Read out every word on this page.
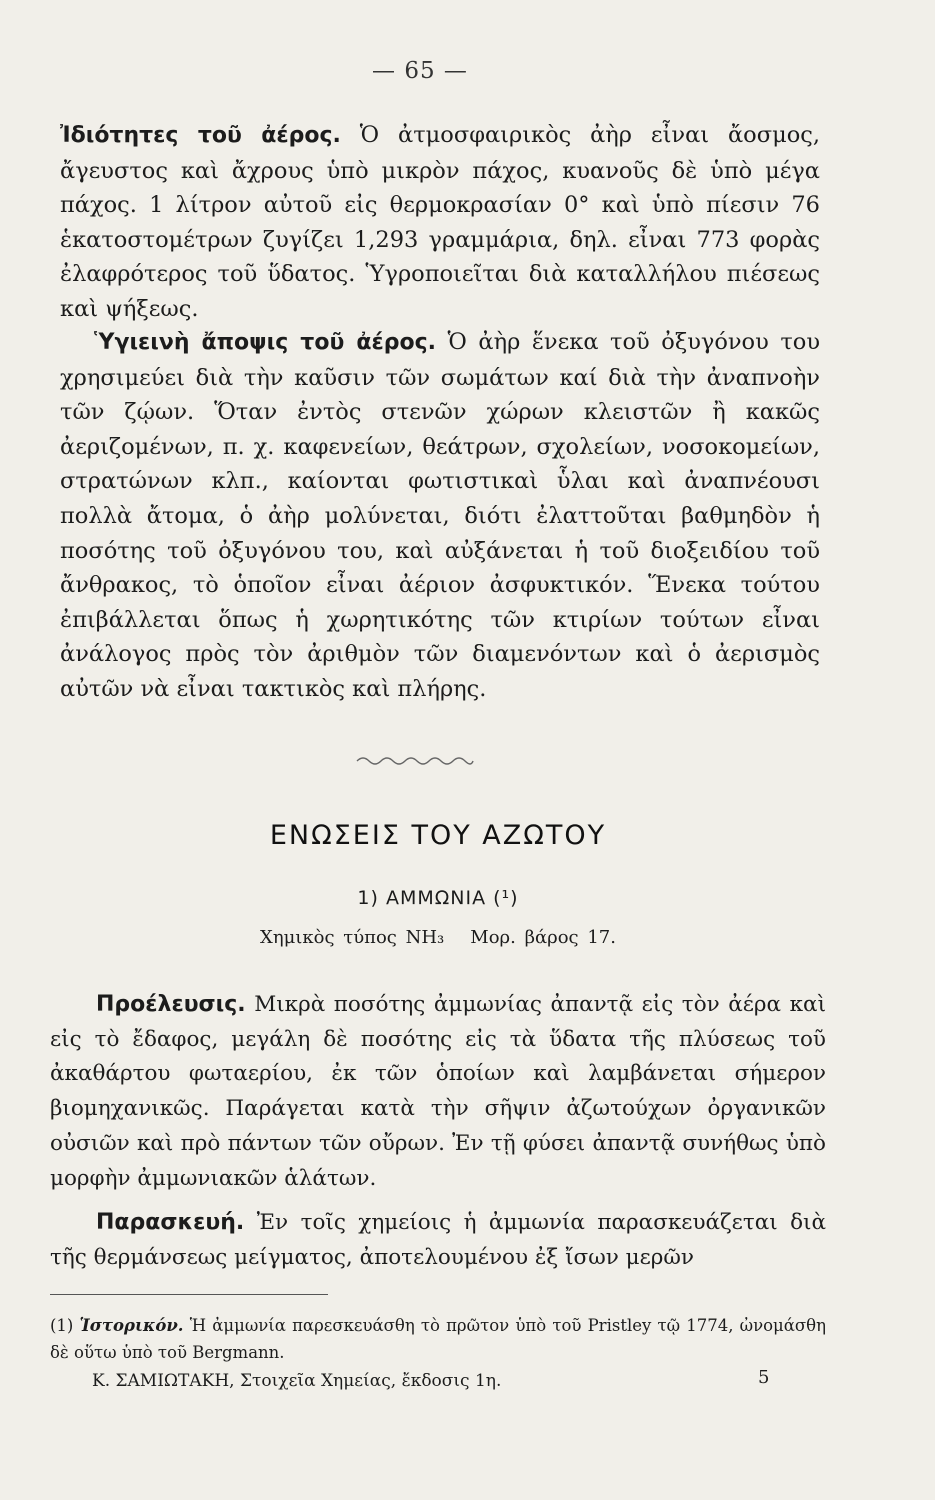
— 65 —

Ἰδιότητες τοῦ ἀέρος. Ὁ ἀτμοσφαιρικὸς ἀὴρ εἶναι ἄοσμος, ἄγευστος καὶ ἄχρους ὑπὸ μικρὸν πάχος, κυανοῦς δὲ ὑπὸ μέγα πάχος. 1 λίτρον αὐτοῦ εἰς θερμοκρασίαν 0° καὶ ὑπὸ πίεσιν 76 ἑκατοστομέτρων ζυγίζει 1,293 γραμμάρια, δηλ. εἶναι 773 φορὰς ἐλαφρότερος τοῦ ὕδατος. Ὑγροποιεῖται διὰ καταλλήλου πιέσεως καὶ ψήξεως.

Ὑγιεινὴ ἄποψις τοῦ ἀέρος. Ὁ ἀὴρ ἕνεκα τοῦ ὀξυγόνου του χρησιμεύει διὰ τὴν καῦσιν τῶν σωμάτων καί διὰ τὴν ἀναπνοὴν τῶν ζῴων. Ὅταν ἐντὸς στενῶν χώρων κλειστῶν ἢ κακῶς ἀεριζομένων, π. χ. καφενείων, θεάτρων, σχολείων, νοσοκομείων, στρατώνων κλπ., καίονται φωτιστικαὶ ὗλαι καὶ ἀναπνέουσι πολλὰ ἄτομα, ὁ ἀὴρ μολύνεται, διότι ἐλαττοῦται βαθμηδὸν ἡ ποσότης τοῦ ὀξυγόνου του, καὶ αὐξάνεται ἡ τοῦ διοξειδίου τοῦ ἄνθρακος, τὸ ὁποῖον εἶναι ἀέριον ἀσφυκτικόν. Ἕνεκα τούτου ἐπιβάλλεται ὅπως ἡ χωρητικότης τῶν κτιρίων τούτων εἶναι ἀνάλογος πρὸς τὸν ἀριθμὸν τῶν διαμενόντων καὶ ὁ ἀερισμὸς αὐτῶν νὰ εἶναι τακτικὸς καὶ πλήρης.

ΕΝΩΣΕΙΣ ΤΟΥ ΑΖΩΤΟΥ
1) ΑΜΜΩΝΙΑ (¹)
Χημικὸς τύπος ΝΗ₃ Μορ. βάρος 17.

Προέλευσις. Μικρὰ ποσότης ἀμμωνίας ἀπαντᾷ εἰς τὸν ἀέρα καὶ εἰς τὸ ἔδαφος, μεγάλη δὲ ποσότης εἰς τὰ ὕδατα τῆς πλύσεως τοῦ ἀκαθάρτου φωταερίου, ἐκ τῶν ὁποίων καὶ λαμβάνεται σήμερον βιομηχανικῶς. Παράγεται κατὰ τὴν σῆψιν ἀζωτούχων ὀργανικῶν οὐσιῶν καὶ πρὸ πάντων τῶν οὔρων. Ἐν τῇ φύσει ἀπαντᾷ συνήθως ὑπὸ μορφὴν ἀμμωνιακῶν ἁλάτων.

Παρασκευή. Ἐν τοῖς χημείοις ἡ ἀμμωνία παρασκευάζεται διὰ τῆς θερμάνσεως μείγματος, ἀποτελουμένου ἐξ ἴσων μερῶν

(1) Ἱστορικόν. Ἡ ἀμμωνία παρεσκευάσθη τὸ πρῶτον ὑπὸ τοῦ Pristley τῷ 1774, ὠνομάσθη δὲ οὕτω ὑπὸ τοῦ Bergmann.

Κ. ΣΑΜΙΩΤΑΚΗ, Στοιχεῖα Χημείας, ἔκδοσις 1η.	5
